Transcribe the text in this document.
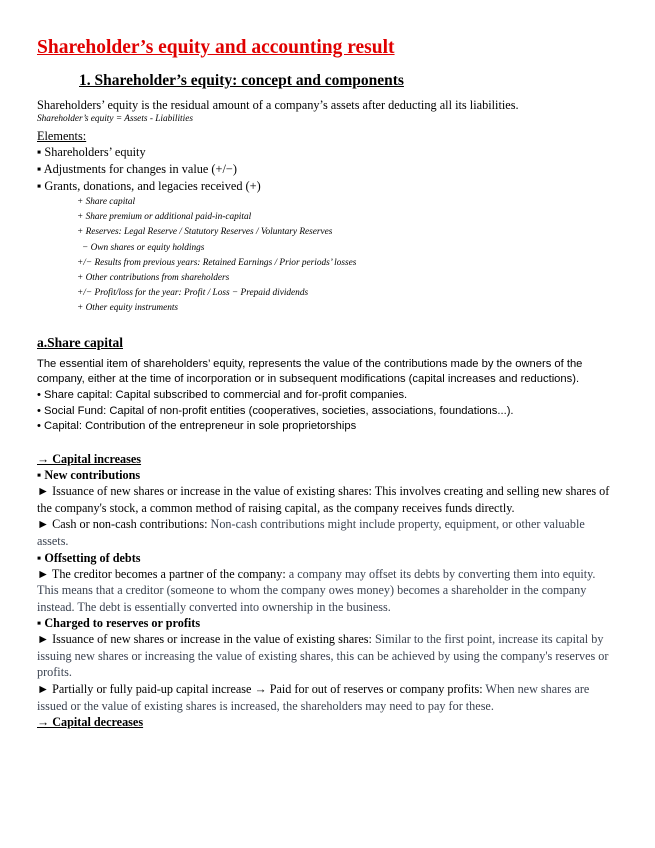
Shareholder’s equity and accounting result
1. Shareholder’s equity: concept and components

Shareholders’ equity is the residual amount of a company’s assets after deducting all its liabilities.

Shareholder’s equity = Assets - Liabilities

Elements:

▪ Shareholders’ equity

▪ Adjustments for changes in value (+/−)

▪ Grants, donations, and legacies received (+)

+ Share capital

+ Share premium or additional paid-in-capital

+ Reserves: Legal Reserve / Statutory Reserves / Voluntary Reserves

− Own shares or equity holdings

+/− Results from previous years: Retained Earnings / Prior periods’ losses

+ Other contributions from shareholders

+/− Profit/loss for the year: Profit / Loss − Prepaid dividends

+ Other equity instruments

a.Share capital

The essential item of shareholders’ equity, represents the value of the contributions made by the owners of the company, either at the time of incorporation or in subsequent modifications (capital increases and reductions).

• Share capital: Capital subscribed to commercial and for-profit companies.

• Social Fund: Capital of non-profit entities (cooperatives, societies, associations, foundations...).

• Capital: Contribution of the entrepreneur in sole proprietorships

→ Capital increases

▪ New contributions

► Issuance of new shares or increase in the value of existing shares: This involves creating and selling new shares of the company's stock, a common method of raising capital, as the company receives funds directly.

► Cash or non-cash contributions: Non-cash contributions might include property, equipment, or other valuable assets.

▪ Offsetting of debts

► The creditor becomes a partner of the company: a company may offset its debts by converting them into equity. This means that a creditor (someone to whom the company owes money) becomes a shareholder in the company instead. The debt is essentially converted into ownership in the business.

▪ Charged to reserves or profits

► Issuance of new shares or increase in the value of existing shares: Similar to the first point, increase its capital by issuing new shares or increasing the value of existing shares, this can be achieved by using the company's reserves or profits.

► Partially or fully paid-up capital increase → Paid for out of reserves or company profits: When new shares are issued or the value of existing shares is increased, the shareholders may need to pay for these.

→ Capital decreases
